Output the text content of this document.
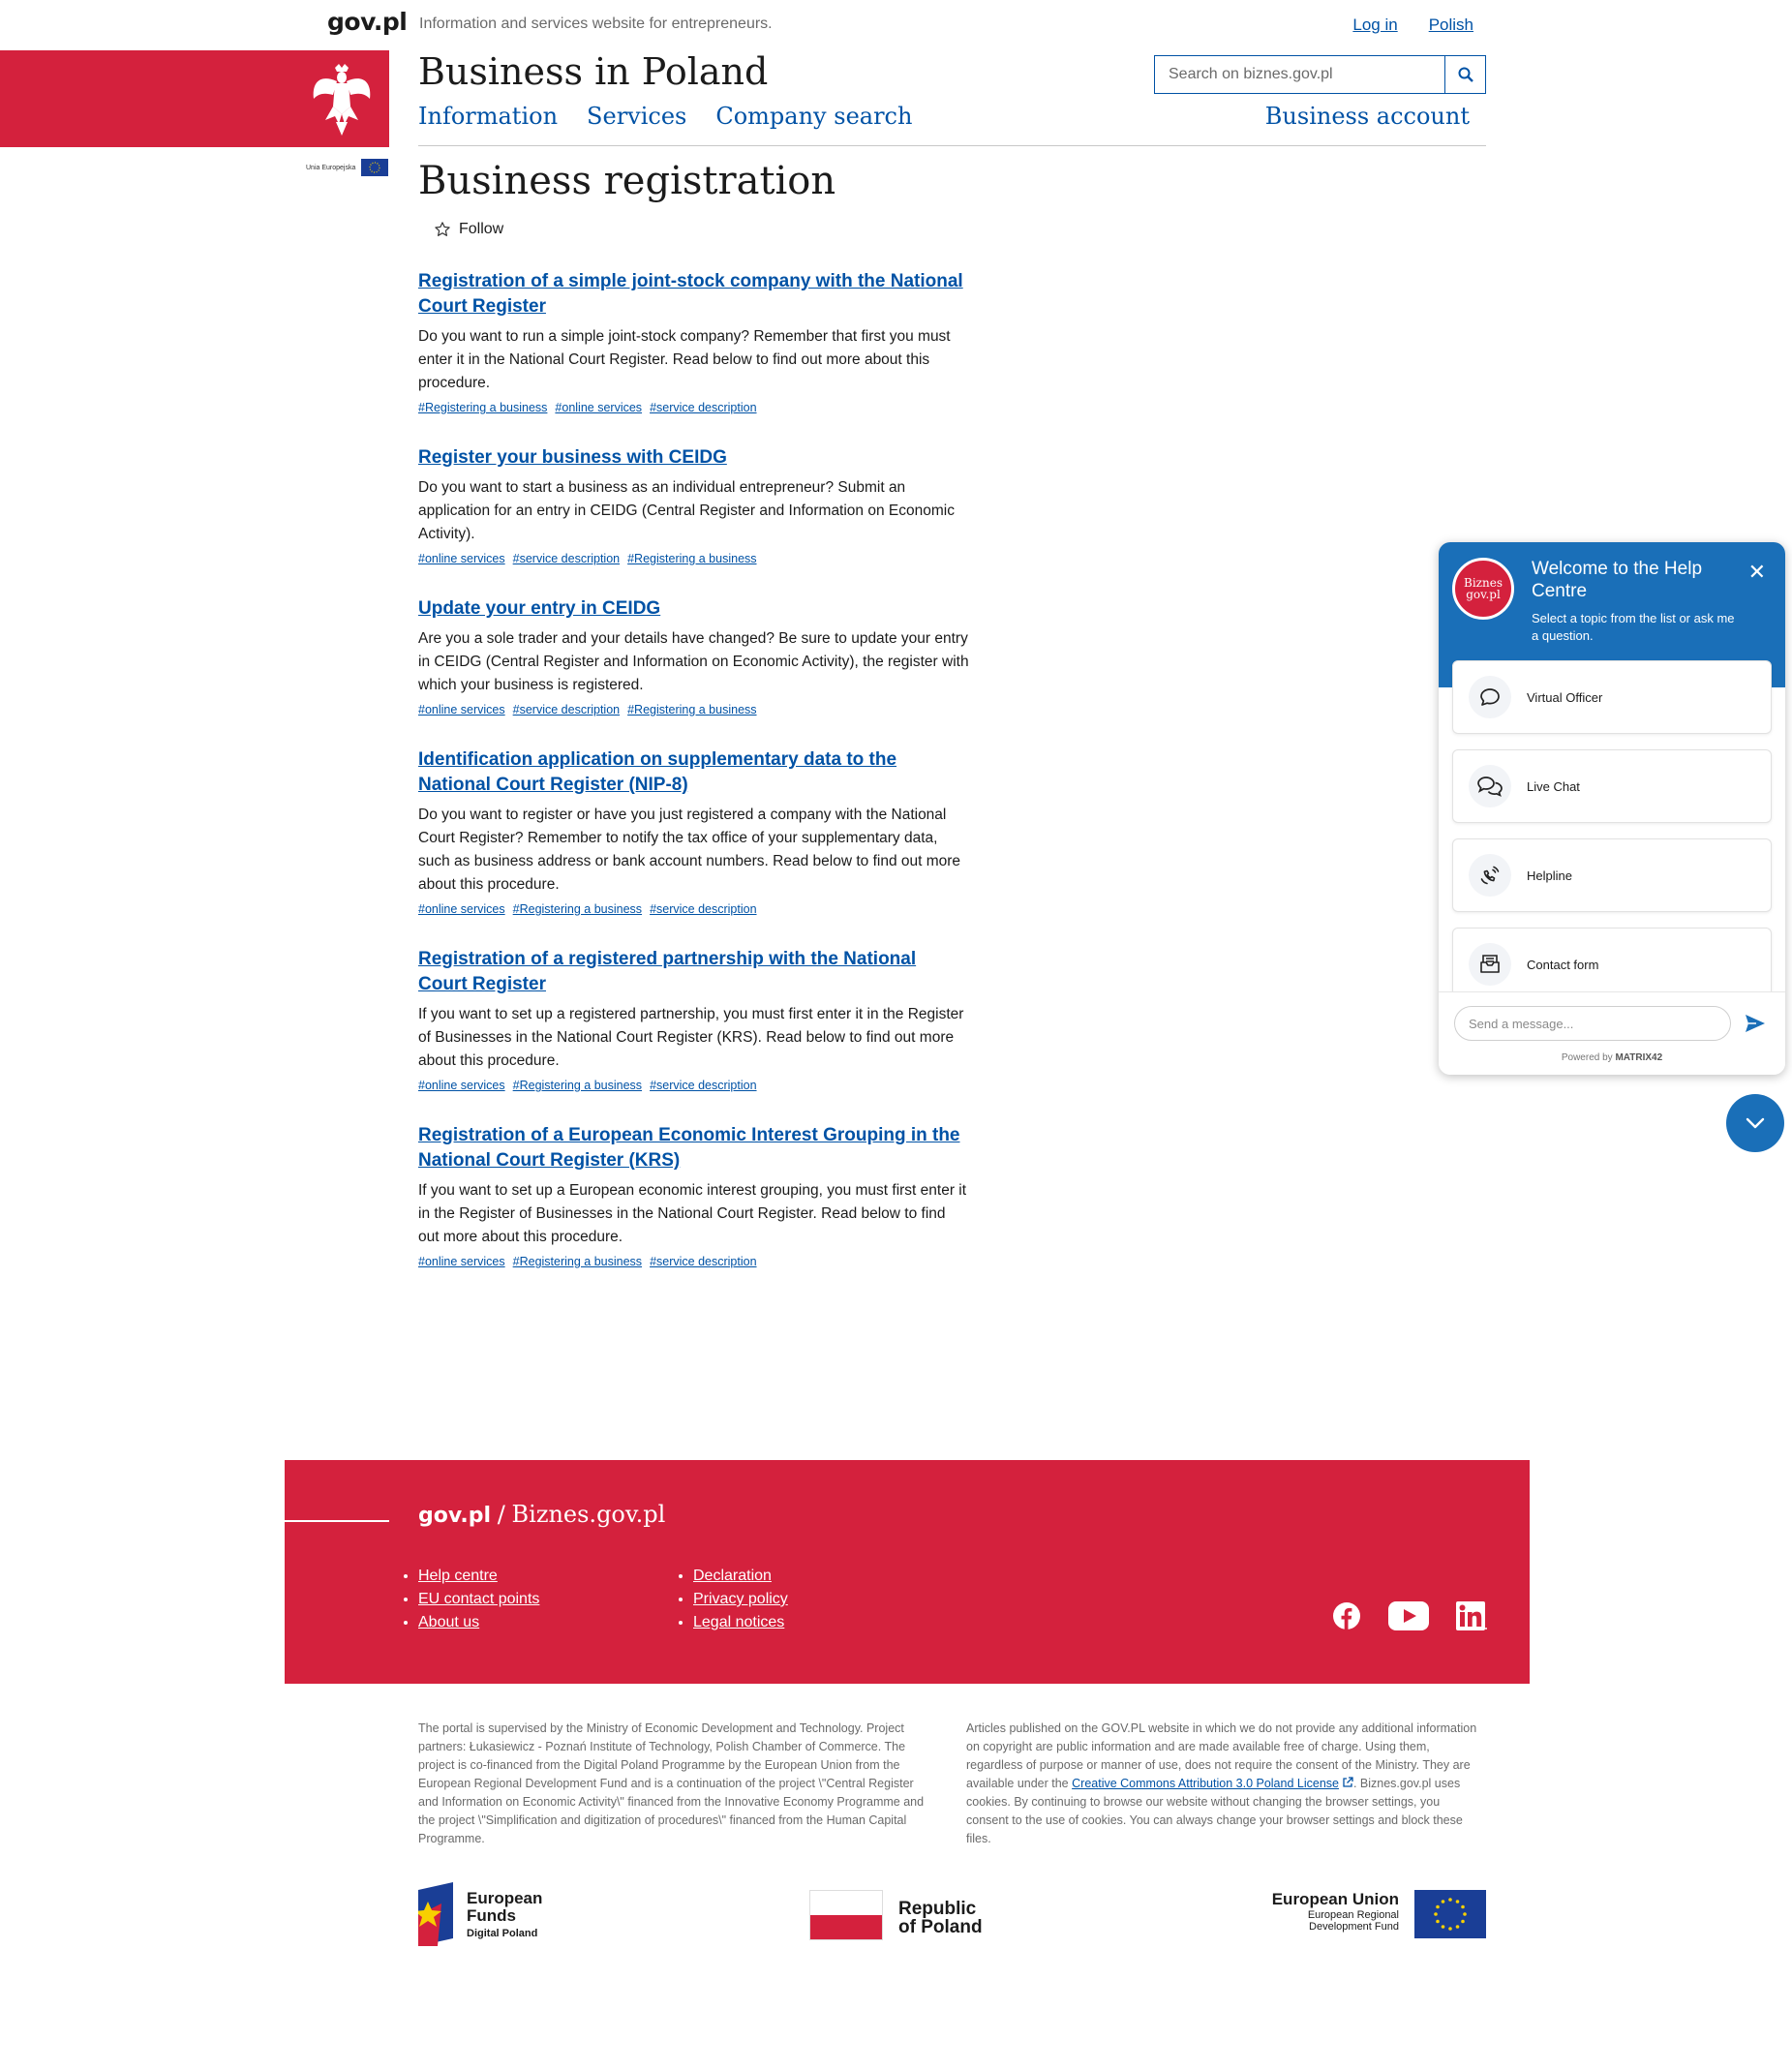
gov.pl Information and services website for entrepreneurs.	Log in Polish
Unia Europejska
Business in Poland
Search on biznes.gov.pl
Information Services Company search	Business account
Business registration
Follow
Registration of a simple joint-stock company with the National Court Register

Do you want to run a simple joint-stock company? Remember that first you must enter it in the National Court Register. Read below to find out more about this procedure.

#Registering a business #online services #service description
Register your business with CEIDG

Do you want to start a business as an individual entrepreneur? Submit an application for an entry in CEIDG (Central Register and Information on Economic Activity).

#online services #service description #Registering a business
Update your entry in CEIDG

Are you a sole trader and your details have changed? Be sure to update your entry in CEIDG (Central Register and Information on Economic Activity), the register with which your business is registered.

#online services #service description #Registering a business
Identification application on supplementary data to the National Court Register (NIP-8)

Do you want to register or have you just registered a company with the National Court Register? Remember to notify the tax office of your supplementary data, such as business address or bank account numbers. Read below to find out more about this procedure.

#online services #Registering a business #service description
Registration of a registered partnership with the National Court Register

If you want to set up a registered partnership, you must first enter it in the Register of Businesses in the National Court Register (KRS). Read below to find out more about this procedure.

#online services #Registering a business #service description
Registration of a European Economic Interest Grouping in the National Court Register (KRS)

If you want to set up a European economic interest grouping, you must first enter it in the Register of Businesses in the National Court Register. Read below to find out more about this procedure.

#online services #Registering a business #service description
Biznes
gov.pl
Welcome to the Help Centre
Select a topic from the list or ask me a question.
✕
Virtual Officer
Live Chat
Helpline
Contact form
Send a message...
Powered by MATRIX42
gov.pl / Biznes.gov.pl
• Help centre
• EU contact points
• About us
• Declaration
• Privacy policy
• Legal notices
The portal is supervised by the Ministry of Economic Development and Technology. Project partners: Łukasiewicz - Poznań Institute of Technology, Polish Chamber of Commerce. The project is co-financed from the Digital Poland Programme by the European Union from the European Regional Development Fund and is a continuation of the project \"Central Register and Information on Economic Activity\" financed from the Innovative Economy Programme and the project \"Simplification and digitization of procedures\" financed from the Human Capital Programme.
Articles published on the GOV.PL website in which we do not provide any additional information on copyright are public information and are made available free of charge. Using them, regardless of purpose or manner of use, does not require the consent of the Ministry. They are available under the Creative Commons Attribution 3.0 Poland License . Biznes.gov.pl uses cookies. By continuing to browse our website without changing the browser settings, you consent to the use of cookies. You can always change your browser settings and block these files.
European
Funds
Digital Poland
Republic
of Poland
European Union
European Regional
Development Fund
